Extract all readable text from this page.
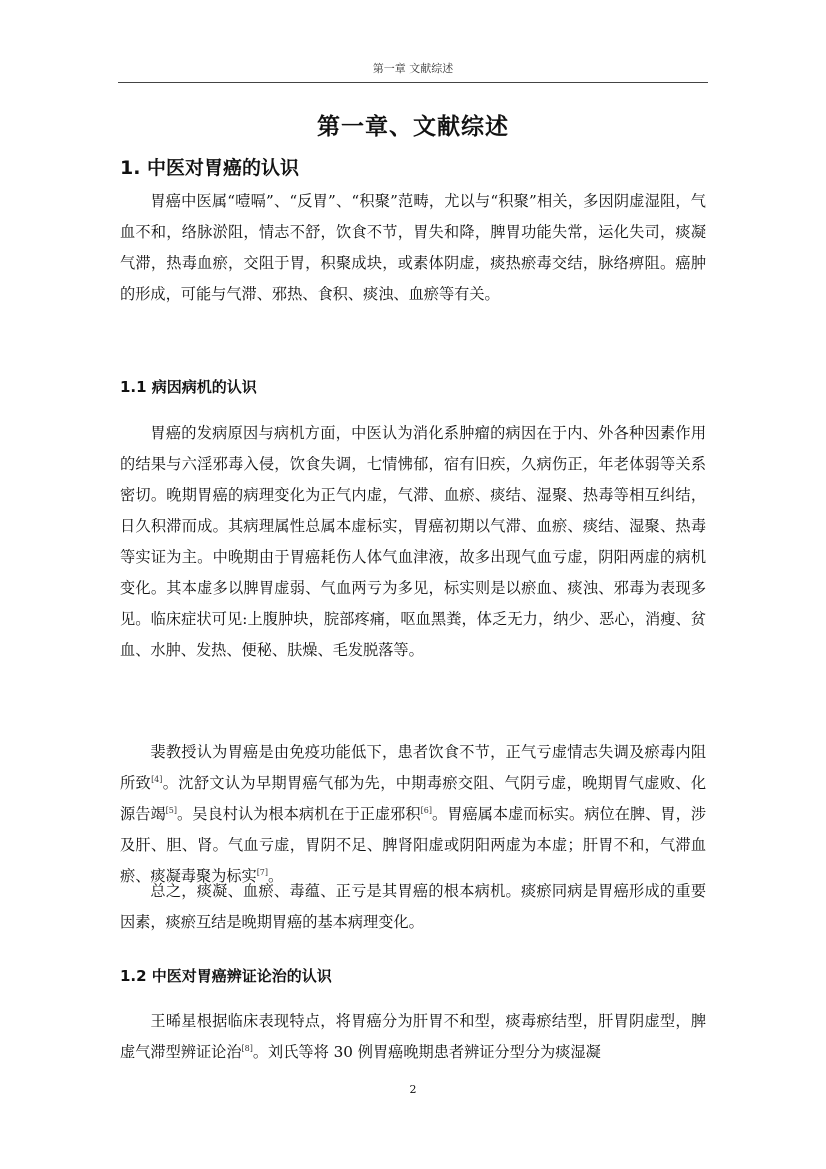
第一章 文献综述
第一章、文献综述
1. 中医对胃癌的认识

胃癌中医属“噎嗝”、“反胃”、“积聚”范畴，尤以与“积聚”相关，多因阴虚湿阻，气血不和，络脉淤阻，情志不舒，饮食不节，胃失和降，脾胃功能失常，运化失司，痰凝气滞，热毒血瘀，交阻于胃，积聚成块，或素体阴虚，痰热瘀毒交结，脉络痹阻。癌肿的形成，可能与气滞、邪热、食积、痰浊、血瘀等有关。

1.1 病因病机的认识

胃癌的发病原因与病机方面，中医认为消化系肿瘤的病因在于内、外各种因素作用的结果与六淫邪毒入侵，饮食失调，七情怫郁，宿有旧疾，久病伤正，年老体弱等关系密切。晚期胃癌的病理变化为正气内虚，气滞、血瘀、痰结、湿聚、热毒等相互纠结，日久积滞而成。其病理属性总属本虚标实，胃癌初期以气滞、血瘀、痰结、湿聚、热毒等实证为主。中晚期由于胃癌耗伤人体气血津液，故多出现气血亏虚，阴阳两虚的病机变化。其本虚多以脾胃虚弱、气血两亏为多见，标实则是以瘀血、痰浊、邪毒为表现多见。临床症状可见:上腹肿块，脘部疼痛，呕血黑粪，体乏无力，纳少、恶心，消瘦、贫血、水肿、发热、便秘、肤燥、毛发脱落等。

裴教授认为胃癌是由免疫功能低下，患者饮食不节，正气亏虚情志失调及瘀毒内阻所致[4]。沈舒文认为早期胃癌气郁为先，中期毒瘀交阻、气阴亏虚，晚期胃气虚败、化源告竭[5]。吴良村认为根本病机在于正虚邪积[6]。胃癌属本虚而标实。病位在脾、胃，涉及肝、胆、肾。气血亏虚，胃阴不足、脾肾阳虚或阴阳两虚为本虚；肝胃不和，气滞血瘀、痰凝毒聚为标实[7]。

总之，痰凝、血瘀、毒蕴、正亏是其胃癌的根本病机。痰瘀同病是胃癌形成的重要因素，痰瘀互结是晚期胃癌的基本病理变化。

1.2 中医对胃癌辨证论治的认识

王晞星根据临床表现特点，将胃癌分为肝胃不和型，痰毒瘀结型，肝胃阴虚型，脾虚气滞型辨证论治[8]。刘氏等将 30 例胃癌晚期患者辨证分型分为痰湿凝

2
